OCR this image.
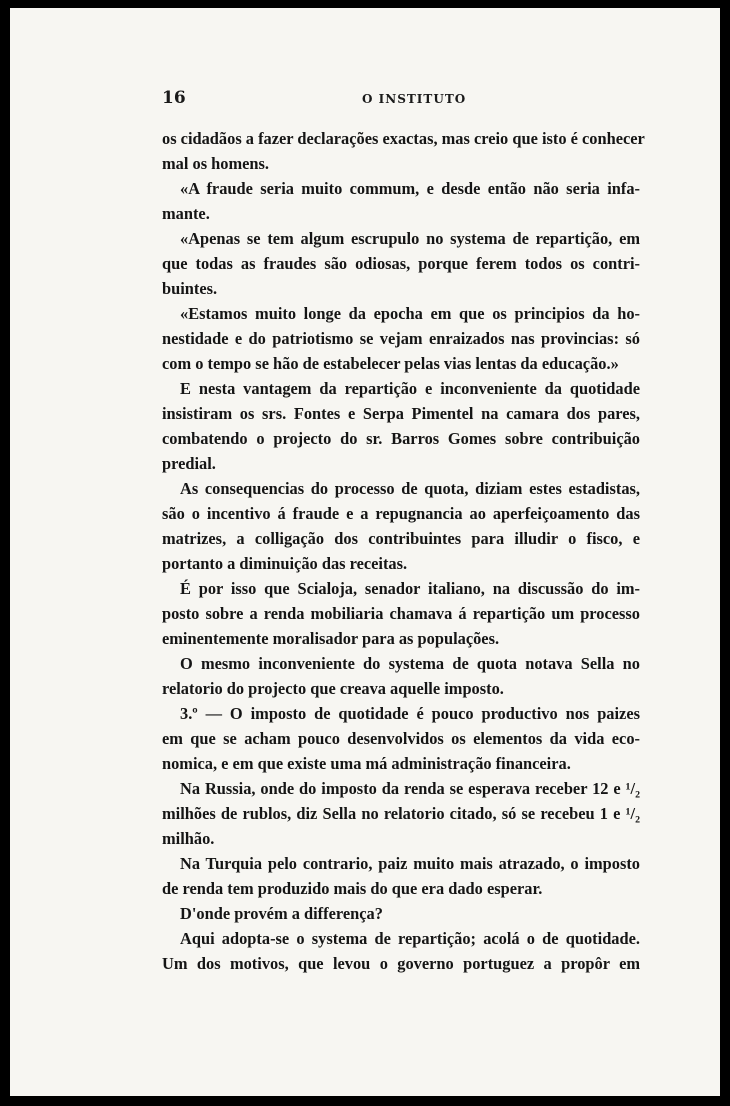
16	O INSTITUTO
os cidadãos a fazer declarações exactas, mas creio que isto é conhecer
mal os homens.
«A fraude seria muito commum, e desde então não seria infa-
mante.
«Apenas se tem algum escrupulo no systema de repartição, em
que todas as fraudes são odiosas, porque ferem todos os contri-
buintes.
«Estamos muito longe da epocha em que os principios da ho-
nestidade e do patriotismo se vejam enraizados nas provincias: só
com o tempo se hão de estabelecer pelas vias lentas da educação.»
E nesta vantagem da repartição e inconveniente da quotidade
insistiram os srs. Fontes e Serpa Pimentel na camara dos pares,
combatendo o projecto do sr. Barros Gomes sobre contribuição
predial.
As consequencias do processo de quota, diziam estes estadistas,
são o incentivo á fraude e a repugnancia ao aperfeiçoamento das
matrizes, a colligação dos contribuintes para illudir o fisco, e
portanto a diminuição das receitas.
É por isso que Scialoja, senador italiano, na discussão do im-
posto sobre a renda mobiliaria chamava á repartição um processo
eminentemente moralisador para as populações.
O mesmo inconveniente do systema de quota notava Sella no
relatorio do projecto que creava aquelle imposto.
3.º — O imposto de quotidade é pouco productivo nos paizes
em que se acham pouco desenvolvidos os elementos da vida eco-
nomica, e em que existe uma má administração financeira.
Na Russia, onde do imposto da renda se esperava receber 12 e ¹/₂
milhões de rublos, diz Sella no relatorio citado, só se recebeu 1 e ¹/₂
milhão.
Na Turquia pelo contrario, paiz muito mais atrazado, o imposto
de renda tem produzido mais do que era dado esperar.
D'onde provém a differença?
Aqui adopta-se o systema de repartição; acolá o de quotidade.
Um dos motivos, que levou o governo portuguez a propôr em
